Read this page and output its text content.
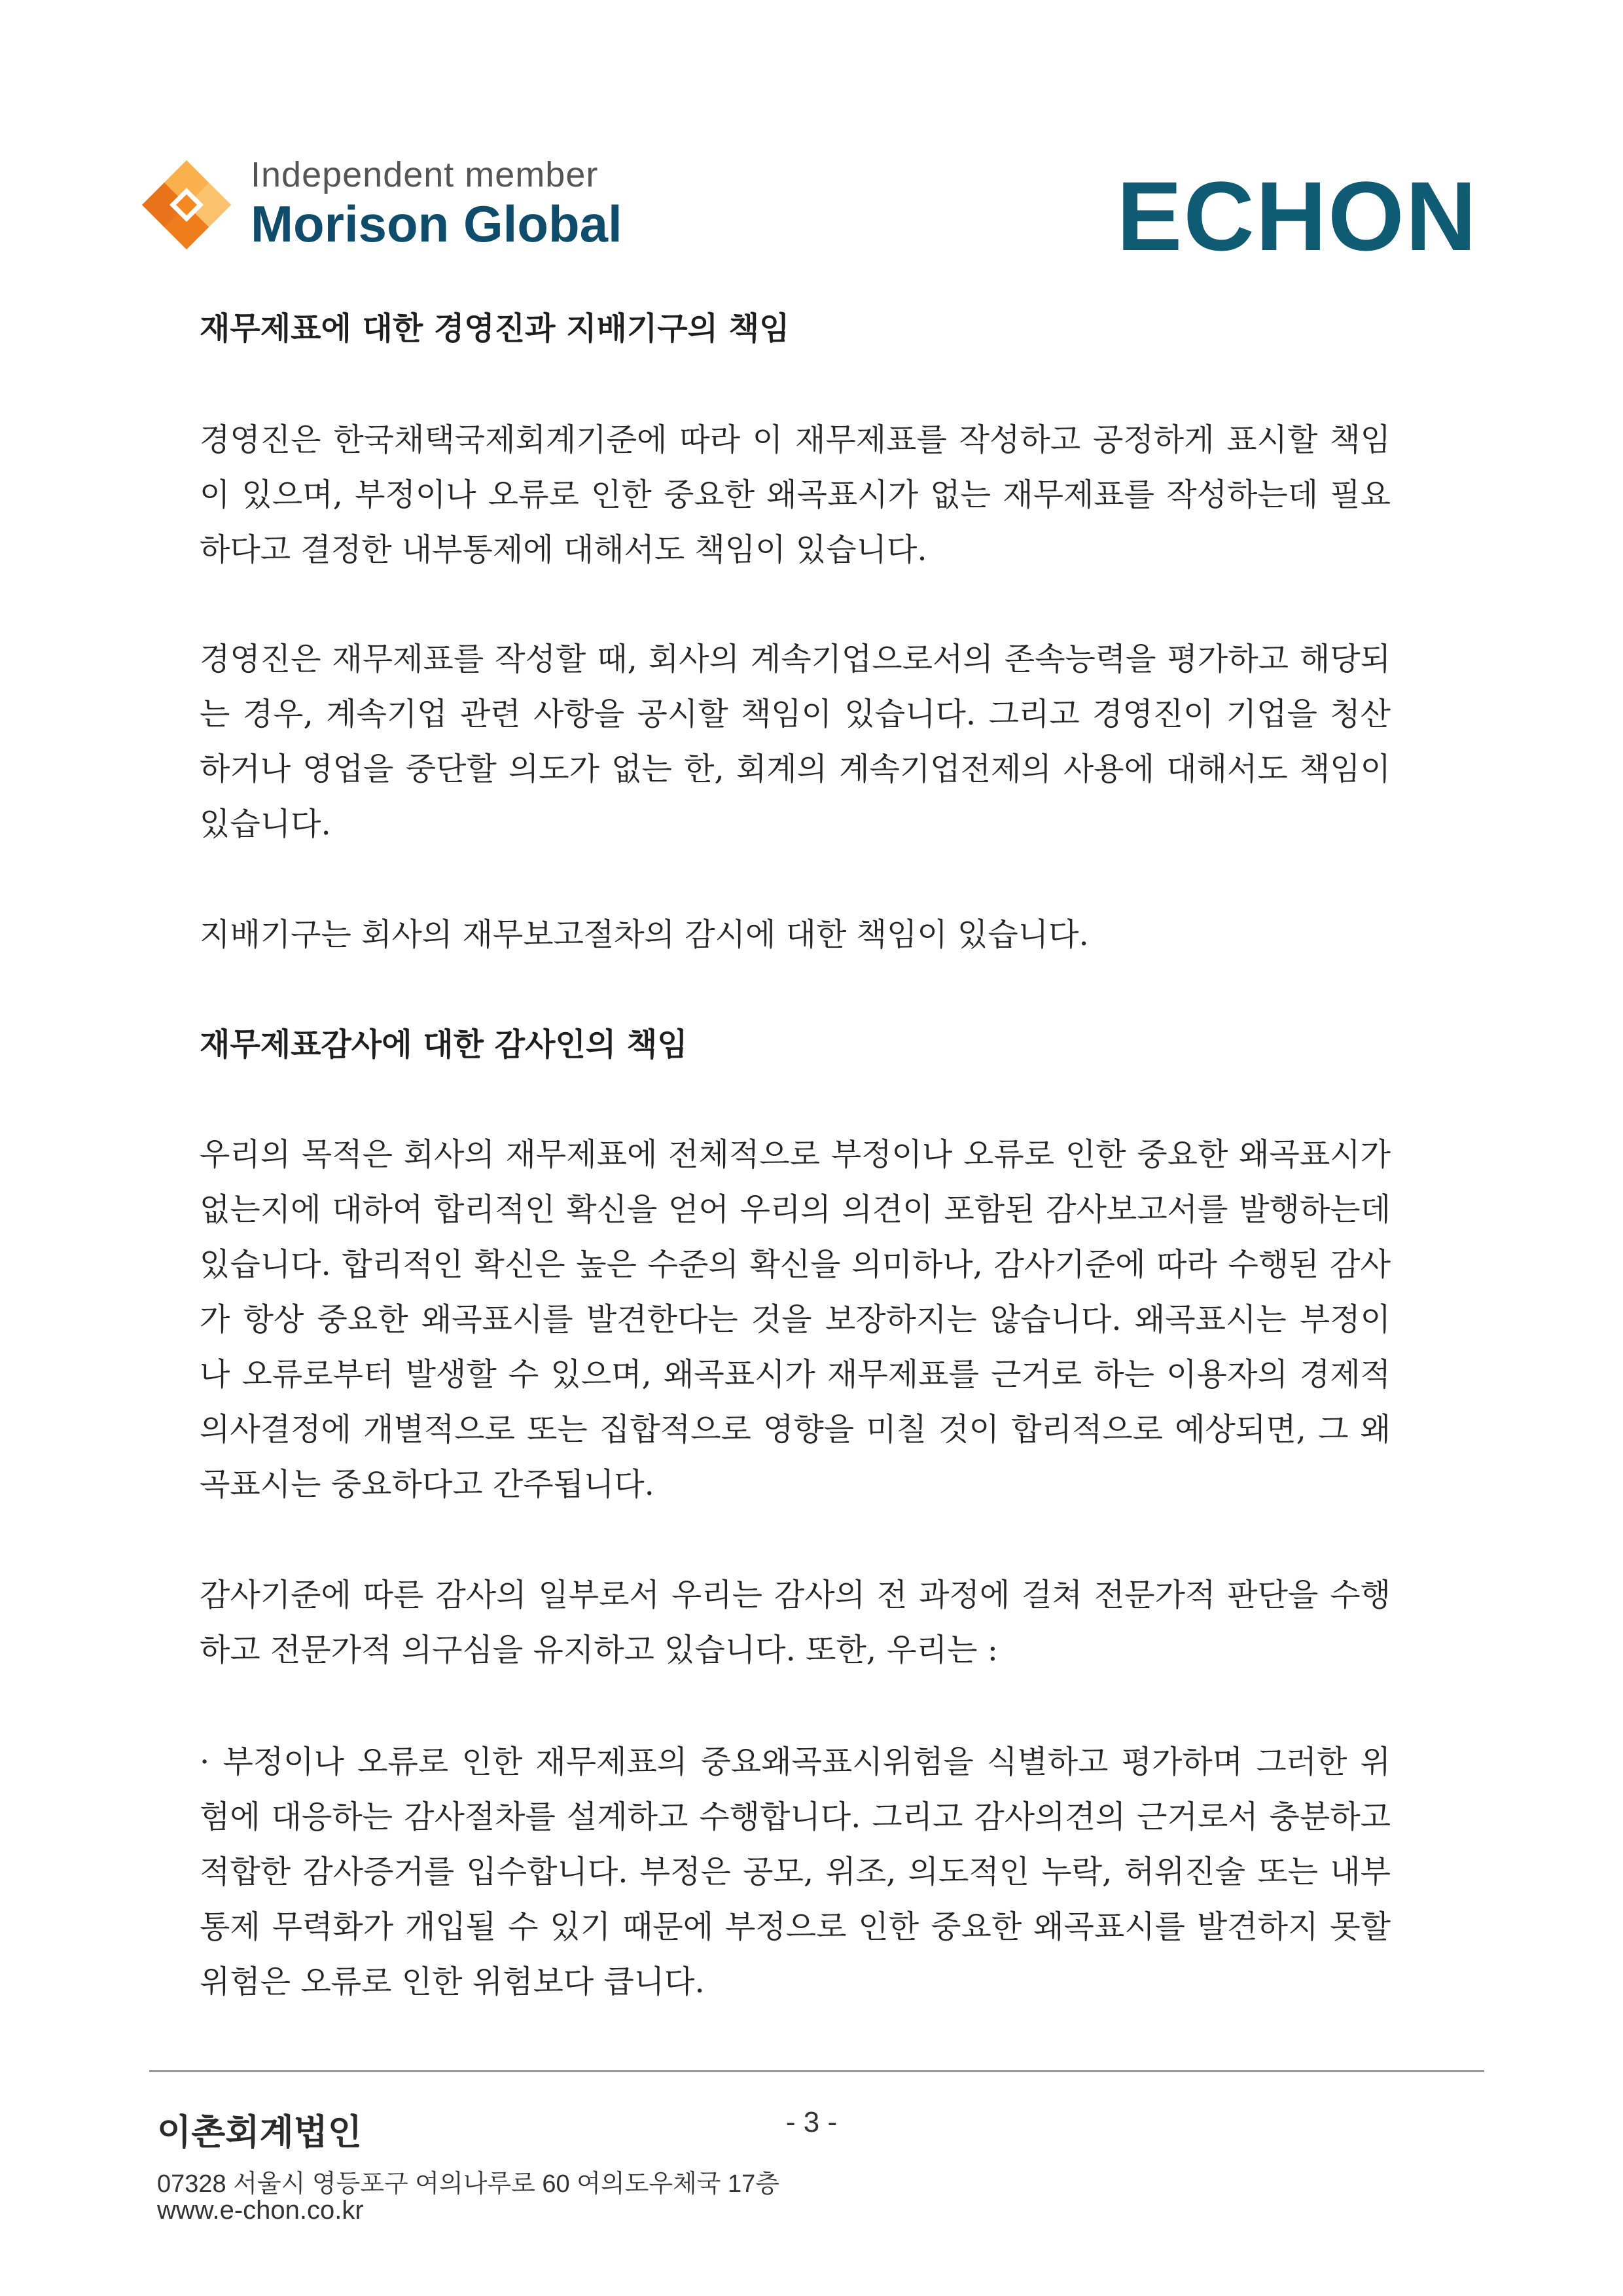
Independent member
Morison Global	ECHON
재무제표에 대한 경영진과 지배기구의 책임

경영진은 한국채택국제회계기준에 따라 이 재무제표를 작성하고 공정하게 표시할 책임이 있으며, 부정이나 오류로 인한 중요한 왜곡표시가 없는 재무제표를 작성하는데 필요하다고 결정한 내부통제에 대해서도 책임이 있습니다.

경영진은 재무제표를 작성할 때, 회사의 계속기업으로서의 존속능력을 평가하고 해당되는 경우, 계속기업 관련 사항을 공시할 책임이 있습니다. 그리고 경영진이 기업을 청산하거나 영업을 중단할 의도가 없는 한, 회계의 계속기업전제의 사용에 대해서도 책임이 있습니다.

지배기구는 회사의 재무보고절차의 감시에 대한 책임이 있습니다.

재무제표감사에 대한 감사인의 책임

우리의 목적은 회사의 재무제표에 전체적으로 부정이나 오류로 인한 중요한 왜곡표시가 없는지에 대하여 합리적인 확신을 얻어 우리의 의견이 포함된 감사보고서를 발행하는데 있습니다. 합리적인 확신은 높은 수준의 확신을 의미하나, 감사기준에 따라 수행된 감사가 항상 중요한 왜곡표시를 발견한다는 것을 보장하지는 않습니다. 왜곡표시는 부정이나 오류로부터 발생할 수 있으며, 왜곡표시가 재무제표를 근거로 하는 이용자의 경제적 의사결정에 개별적으로 또는 집합적으로 영향을 미칠 것이 합리적으로 예상되면, 그 왜곡표시는 중요하다고 간주됩니다.

감사기준에 따른 감사의 일부로서 우리는 감사의 전 과정에 걸쳐 전문가적 판단을 수행하고 전문가적 의구심을 유지하고 있습니다. 또한, 우리는 :

· 부정이나 오류로 인한 재무제표의 중요왜곡표시위험을 식별하고 평가하며 그러한 위험에 대응하는 감사절차를 설계하고 수행합니다. 그리고 감사의견의 근거로서 충분하고 적합한 감사증거를 입수합니다. 부정은 공모, 위조, 의도적인 누락, 허위진술 또는 내부통제 무력화가 개입될 수 있기 때문에 부정으로 인한 중요한 왜곡표시를 발견하지 못할 위험은 오류로 인한 위험보다 큽니다.

이촌회계법인	- 3 -
07328 서울시 영등포구 여의나루로 60 여의도우체국 17층
www.e-chon.co.kr
